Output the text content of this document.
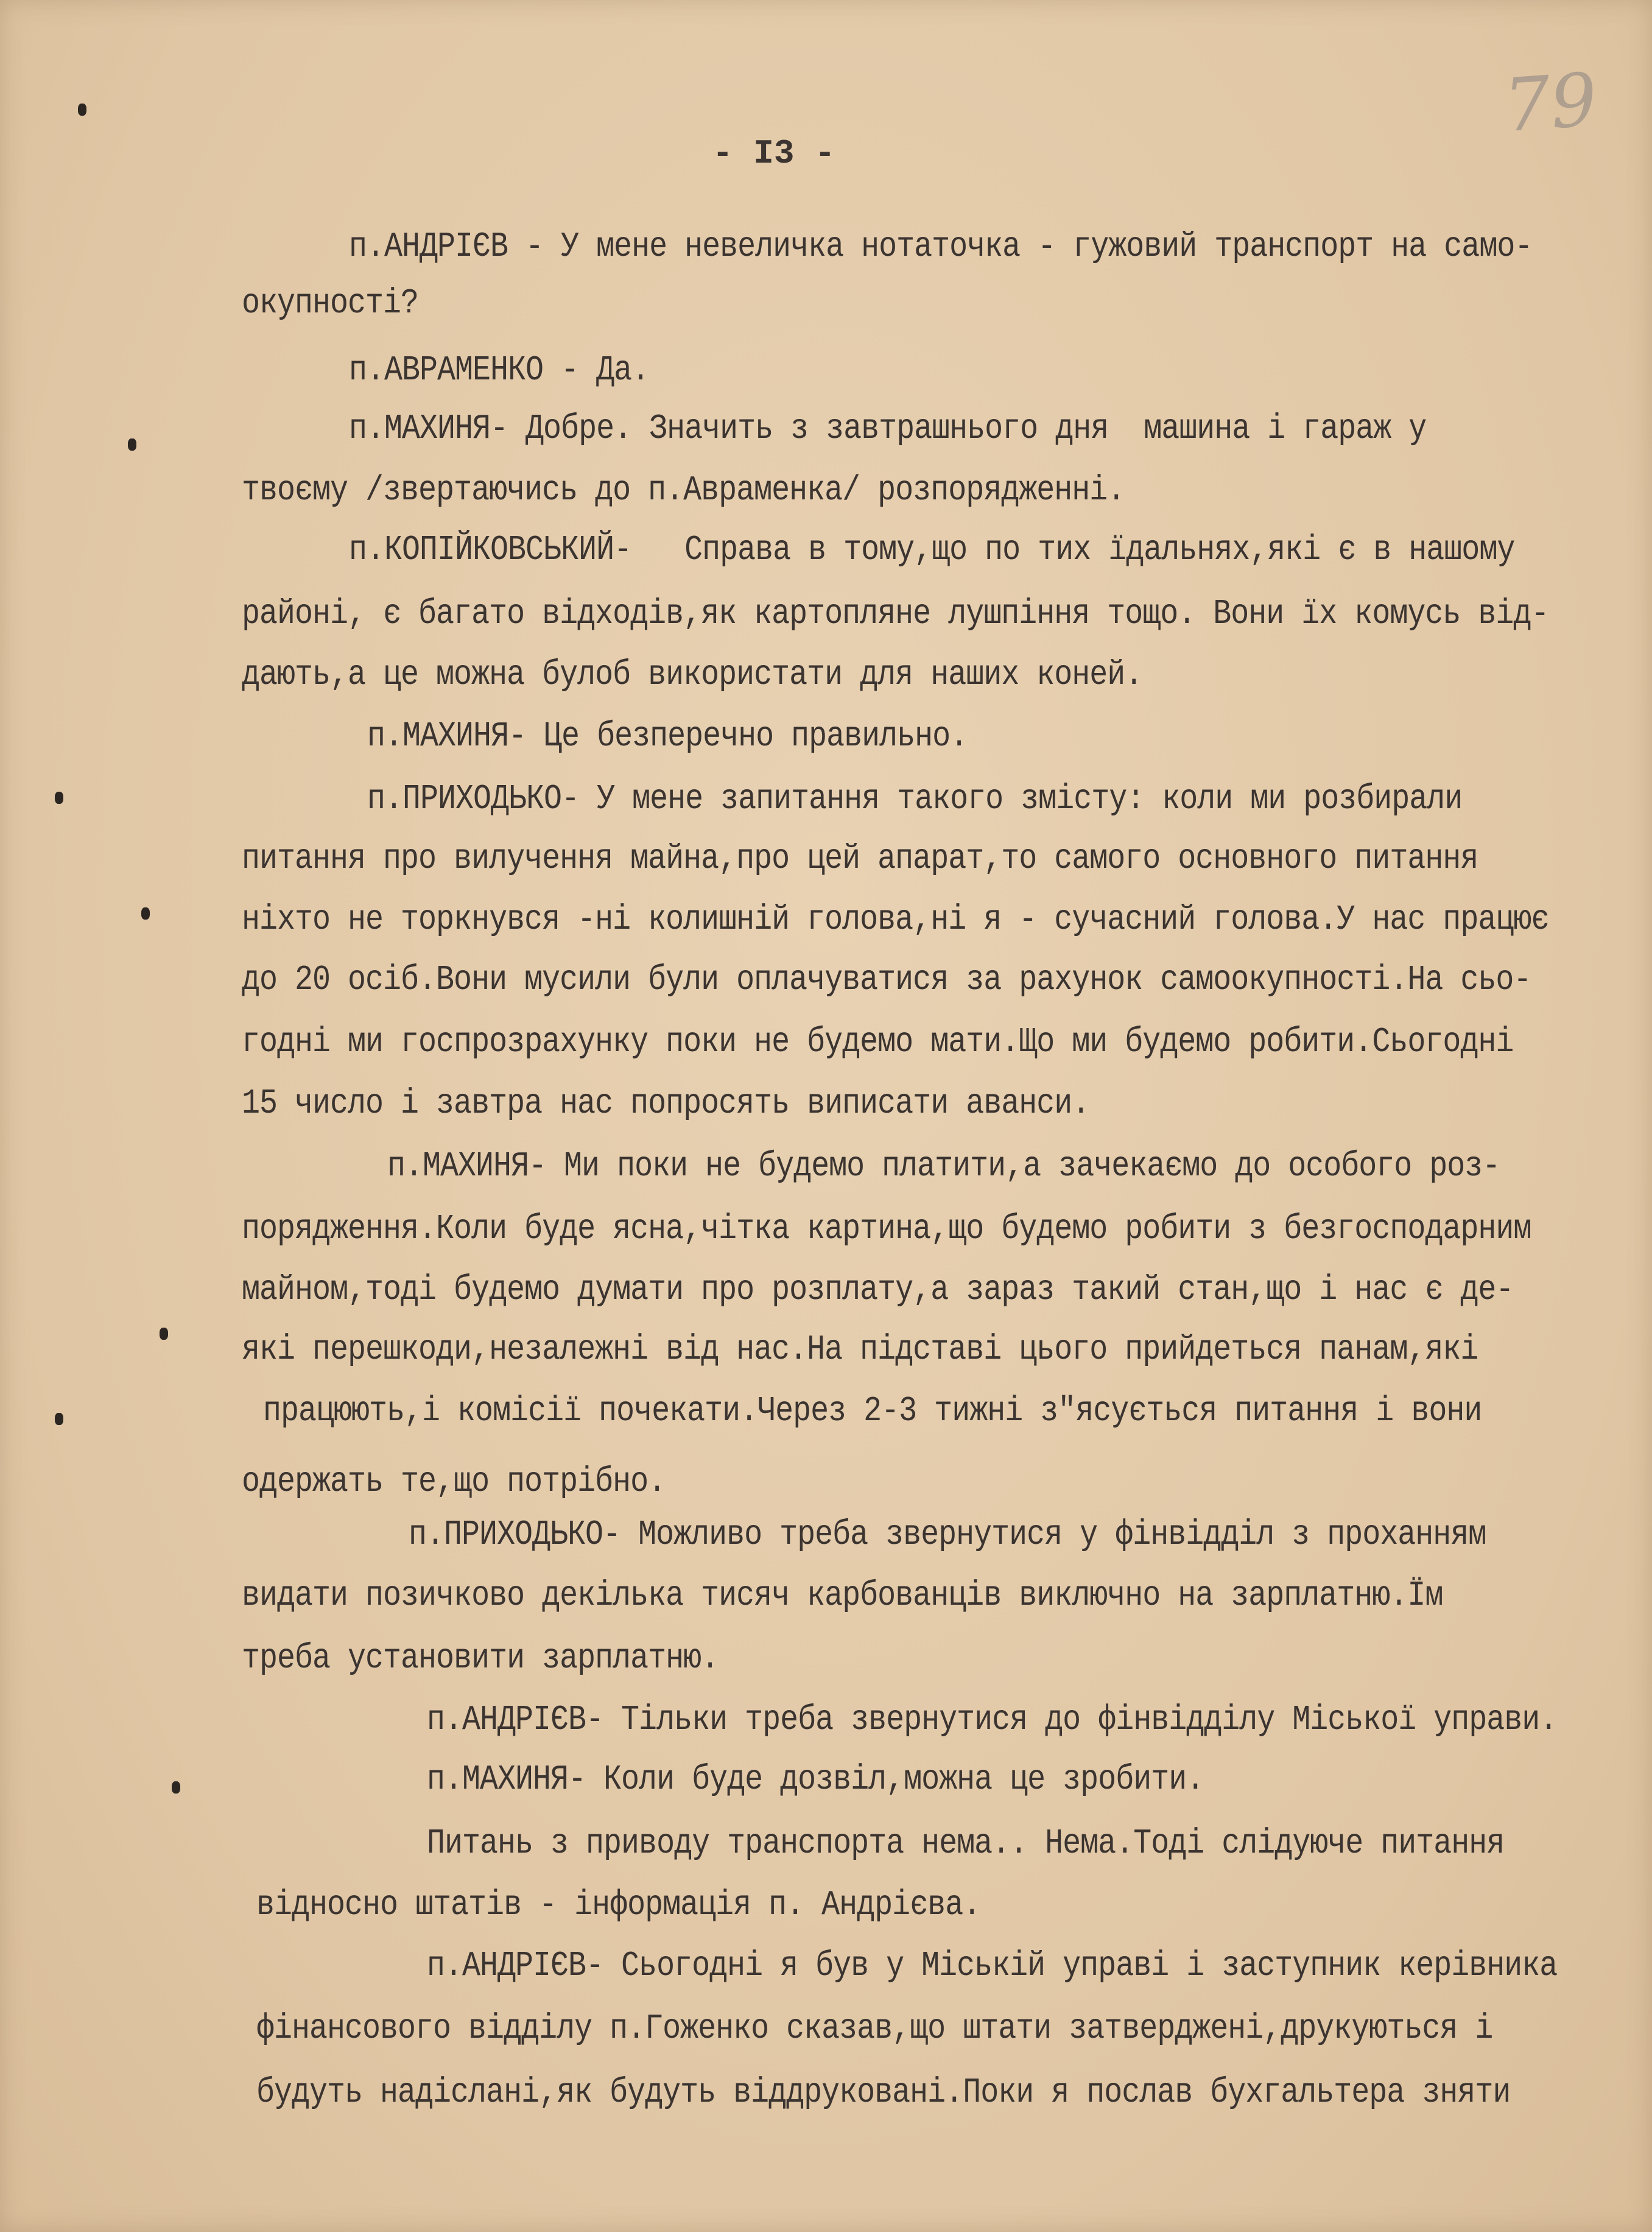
- I3 -
79
п.АНДРІЄВ - У мене невеличка нотаточка - гужовий транспорт на само-
окупності?
п.АВРАМЕНКО - Да.
п.МАХИНЯ- Добре. Значить з завтрашнього дня  машина і гараж у
твоєму /звертаючись до п.Авраменка/ розпорядженні.
п.КОПІЙКОВСЬКИЙ-   Справа в тому,що по тих їдальнях,які є в нашому
районі, є багато відходів,як картопляне лушпіння тощо. Вони їх комусь від-
дають,а це можна булоб використати для наших коней.
п.МАХИНЯ- Це безперечно правильно.
п.ПРИХОДЬКО- У мене запитання такого змісту: коли ми розбирали
питання про вилучення майна,про цей апарат,то самого основного питання
ніхто не торкнувся -ні колишній голова,ні я - сучасний голова.У нас працює
до 20 осіб.Вони мусили були оплачуватися за рахунок самоокупності.На сьо-
годні ми госпрозрахунку поки не будемо мати.Що ми будемо робити.Сьогодні
15 число і завтра нас попросять виписати аванси.
п.МАХИНЯ- Ми поки не будемо платити,а зачекаємо до особого роз-
порядження.Коли буде ясна,чітка картина,що будемо робити з безгосподарним
майном,тоді будемо думати про розплату,а зараз такий стан,що і нас є де-
які перешкоди,незалежні від нас.На підставі цього прийдеться панам,які
працюють,і комісії почекати.Через 2-3 тижні з"ясується питання і вони
одержать те,що потрібно.
п.ПРИХОДЬКО- Можливо треба звернутися у фінвідділ з проханням
видати позичково декілька тисяч карбованців виключно на зарплатню.Їм
треба установити зарплатню.
п.АНДРІЄВ- Тільки треба звернутися до фінвідділу Міської управи.
п.МАХИНЯ- Коли буде дозвіл,можна це зробити.
Питань з приводу транспорта нема.. Нема.Тоді слідуюче питання
відносно штатів - інформація п. Андрієва.
п.АНДРІЄВ- Сьогодні я був у Міській управі і заступник керівника
фінансового відділу п.Гоженко сказав,що штати затверджені,друкуються і
будуть надіслані,як будуть віддруковані.Поки я послав бухгальтера зняти
